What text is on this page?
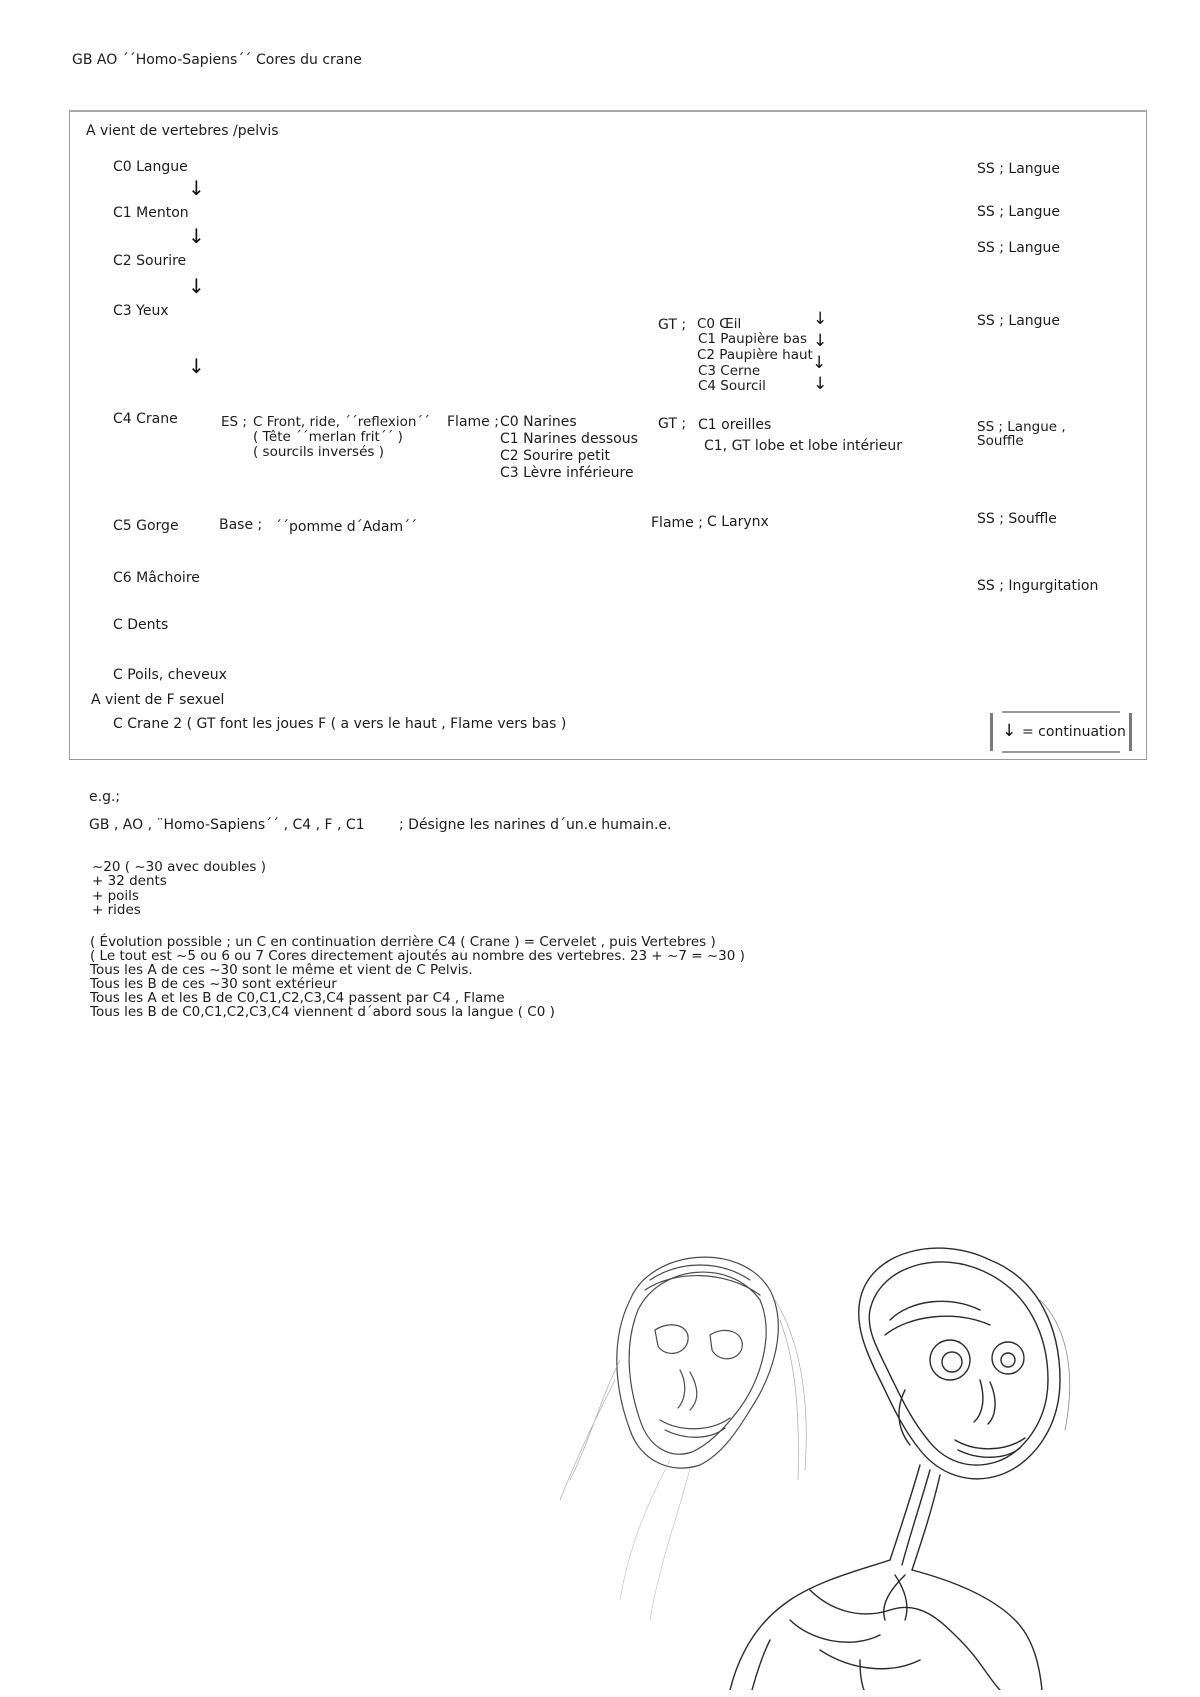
GB AO ´´Homo-Sapiens´´ Cores du crane
A vient de vertebres /pelvis
C0 Langue
↓
C1 Menton
↓
C2 Sourire
↓
C3 Yeux
↓
C4 Crane
C5 Gorge
C6 Mâchoire
C Dents
C Poils, cheveux
A vient de F sexuel
C Crane 2 ( GT font les joues F ( a vers le haut , Flame vers bas )
SS ; Langue
SS ; Langue
SS ; Langue
SS ; Langue
SS ; Langue ,
Souffle
SS ; Souffle
SS ; Ingurgitation
GT ; C0 Œil
C1 Paupière bas
C2 Paupière haut
C3 Cerne
C4 Sourcil
↓
↓
↓
↓
ES ; C Front, ride, ´´reflexion´´
( Tête ´´merlan frit´´ )
( sourcils inversés )
Flame ; C0 Narines
C1 Narines dessous
C2 Sourire petit
C3 Lèvre inférieure
GT ; C1 oreilles
C1, GT lobe et lobe intérieur
Base ; ´´pomme d´Adam´´	Flame ; C Larynx
↓ = continuation
e.g.;
GB , AO , ¨Homo-Sapiens´´ , C4 , F , C1 ; Désigne les narines d´un.e humain.e.
~20 ( ~30 avec doubles )
+ 32 dents
+ poils
+ rides
( Évolution possible ; un C en continuation derrière C4 ( Crane ) = Cervelet , puis Vertebres )
( Le tout est ~5 ou 6 ou 7 Cores directement ajoutés au nombre des vertebres. 23 + ~7 = ~30 )
Tous les A de ces ~30 sont le même et vient de C Pelvis.
Tous les B de ces ~30 sont extérieur
Tous les A et les B de C0,C1,C2,C3,C4 passent par C4 , Flame
Tous les B de C0,C1,C2,C3,C4 viennent d´abord sous la langue ( C0 )
